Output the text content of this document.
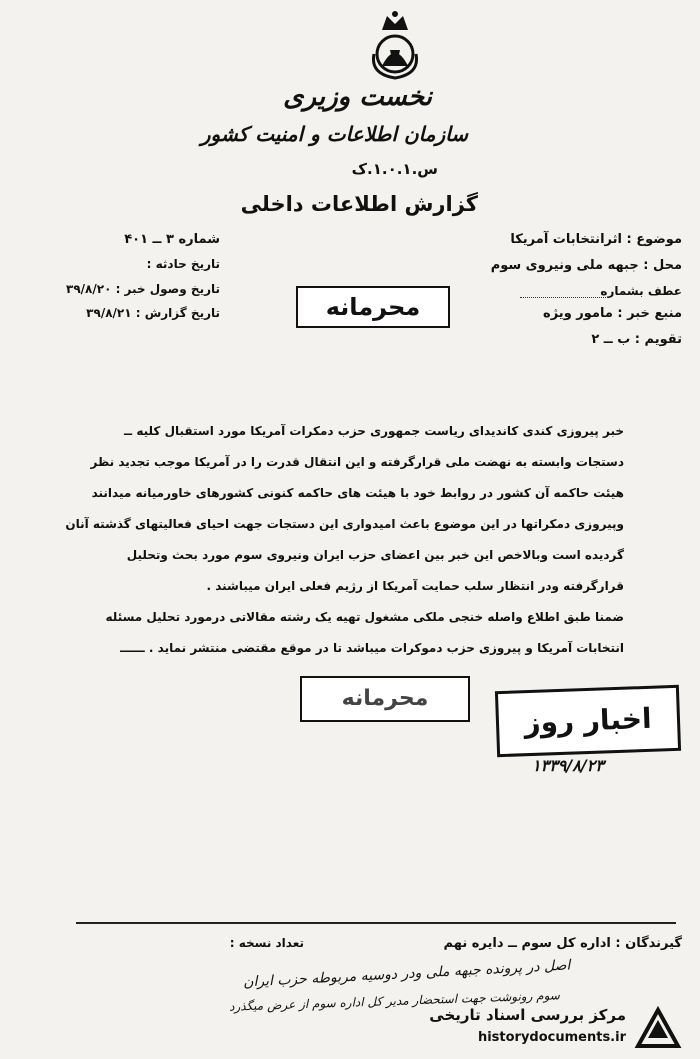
نخست وزیری
سازمان اطلاعات و امنیت کشور
س.۱.۰.۱.ک
گزارش اطلاعات داخلی
موضوع : اثرانتخابات آمریکا
محل : جبهه ملی ونیروی سوم
عطف بشماره
منبع خبر : مامور ویژه
تقویم : ب ــ ۲
شماره ۳ ــ ۴۰۱
تاریخ حادثه :
تاریخ وصول خبر : ۳۹/۸/۲۰
تاریخ گزارش : ۳۹/۸/۲۱	محرمانه
خبر پیروزی کندی کاندیدای ریاست جمهوری حزب دمکرات آمریکا مورد استقبال کلیه ــ
دستجات وابسته به نهضت ملی قرارگرفته و این انتقال قدرت را در آمریکا موجب تجدید نظر
هیئت حاکمه آن کشور در روابط خود با هیئت های حاکمه کنونی کشورهای خاورمیانه میدانند
وپیروزی دمکراتها در این موضوع باعث امیدواری این دستجات جهت احیای فعالیتهای گذشته آنان
گردیده است وبالاخص این خبر بین اعضای حزب ایران ونیروی سوم مورد بحث وتحلیل
قرارگرفته ودر انتظار سلب حمایت آمریکا از رژیم فعلی ایران میباشند .
ضمنا طبق اطلاع واصله خنجی ملکی مشغول تهیه یک رشته مقالاتی درمورد تحلیل مسئله
انتخابات آمریکا و پیروزی حزب دموکرات میباشد تا در موقع مقتضی منتشر نماید . ــــــ
محرمانه
اخبار روز
۱۳۳۹/۸/۲۳
گیرندگان : اداره کل سوم ــ دایره نهم
تعداد نسخه :
اصل در پرونده جبهه ملی ودر دوسیه مربوطه حزب ایران
سوم رونوشت جهت استحضار مدیر کل اداره سوم از عرض میگذرد
مرکز بررسی اسناد تاریخی
historydocuments.ir
